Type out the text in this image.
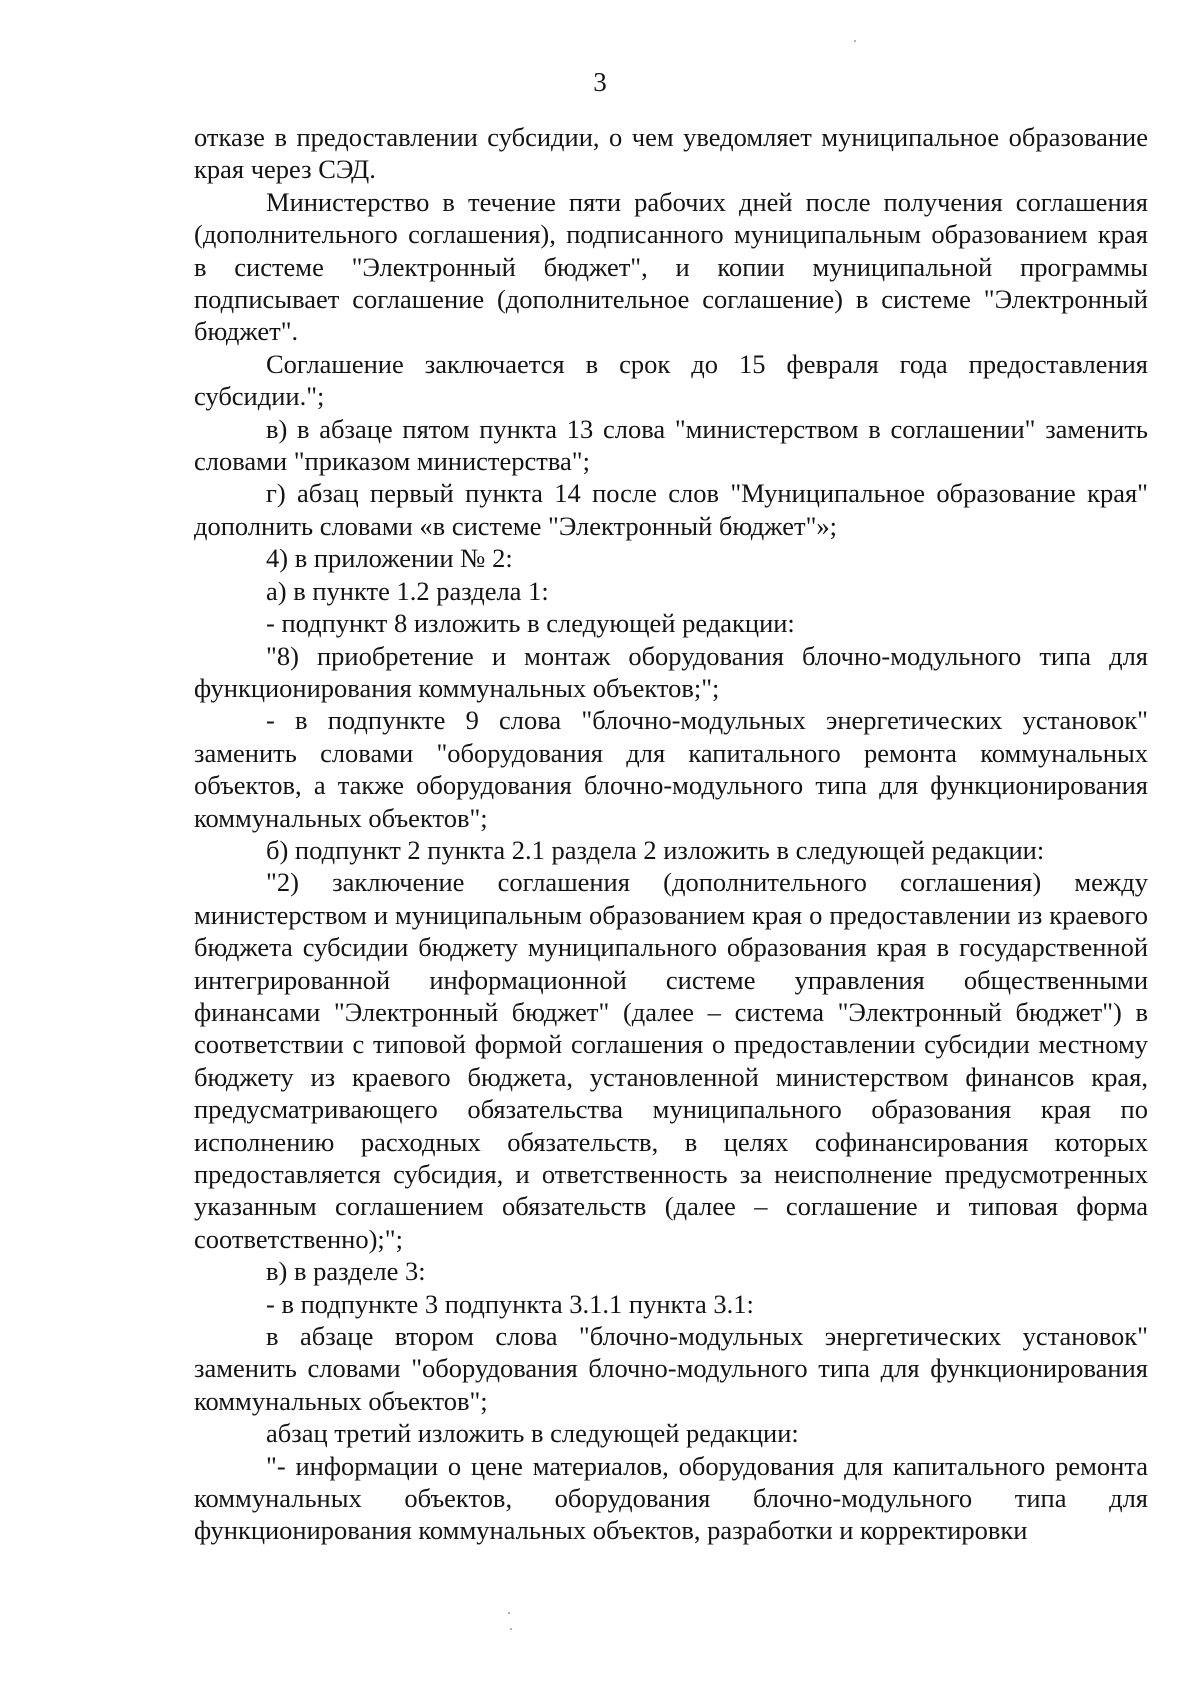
3

отказе в предоставлении субсидии, о чем уведомляет муниципальное образование края через СЭД.

Министерство в течение пяти рабочих дней после получения соглашения (дополнительного соглашения), подписанного муниципальным образованием края в системе "Электронный бюджет", и копии муниципальной программы подписывает соглашение (дополнительное соглашение) в системе "Электронный бюджет".

Соглашение заключается в срок до 15 февраля года предоставления субсидии.";

в) в абзаце пятом пункта 13 слова "министерством в соглашении" заменить словами "приказом министерства";

г) абзац первый пункта 14 после слов "Муниципальное образование края" дополнить словами «в системе "Электронный бюджет"»;

4) в приложении № 2:

а) в пункте 1.2 раздела 1:

- подпункт 8 изложить в следующей редакции:

"8) приобретение и монтаж оборудования блочно-модульного типа для функционирования коммунальных объектов;";

- в подпункте 9 слова "блочно-модульных энергетических установок" заменить словами "оборудования для капитального ремонта коммунальных объектов, а также оборудования блочно-модульного типа для функционирования коммунальных объектов";

б) подпункт 2 пункта 2.1 раздела 2 изложить в следующей редакции:

"2) заключение соглашения (дополнительного соглашения) между министерством и муниципальным образованием края о предоставлении из краевого бюджета субсидии бюджету муниципального образования края в государственной интегрированной информационной системе управления общественными финансами "Электронный бюджет" (далее – система "Электронный бюджет") в соответствии с типовой формой соглашения о предоставлении субсидии местному бюджету из краевого бюджета, установленной министерством финансов края, предусматривающего обязательства муниципального образования края по исполнению расходных обязательств, в целях софинансирования которых предоставляется субсидия, и ответственность за неисполнение предусмотренных указанным соглашением обязательств (далее – соглашение и типовая форма соответственно);";

в) в разделе 3:

- в подпункте 3 подпункта 3.1.1 пункта 3.1:

в абзаце втором слова "блочно-модульных энергетических установок" заменить словами "оборудования блочно-модульного типа для функционирования коммунальных объектов";

абзац третий изложить в следующей редакции:

"- информации о цене материалов, оборудования для капитального ремонта коммунальных объектов, оборудования блочно-модульного типа для функционирования коммунальных объектов, разработки и корректировки
